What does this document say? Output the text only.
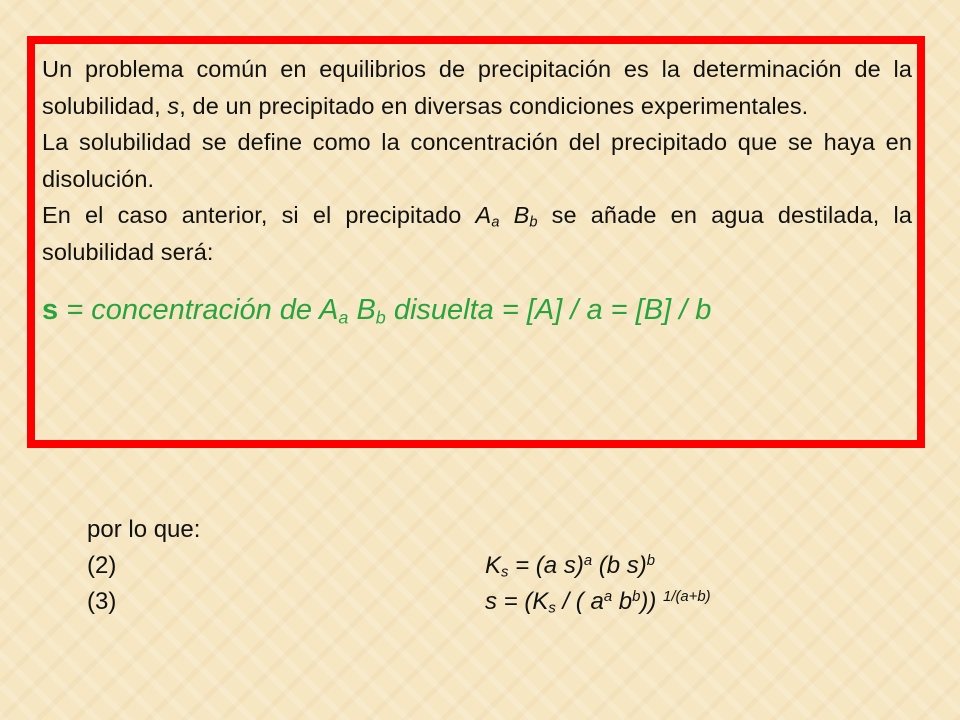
Un problema común en equilibrios de precipitación es la determinación de la solubilidad, s, de un precipitado en diversas condiciones experimentales.

La solubilidad se define como la concentración del precipitado que se haya en disolución.

En el caso anterior, si el precipitado $A_a$ $B_b$ se añade en agua destilada, la solubilidad será:

s = concentración de $A_a$ $B_b$ disuelta = [A] / a = [B] / b

por lo que:
(2)	$K_s = (a$ s)$^a$ (b s)$^b$
(3)	$s = (K_s$ / ( $a^a$ $b^b$)) $^{1/(a+b)}$
